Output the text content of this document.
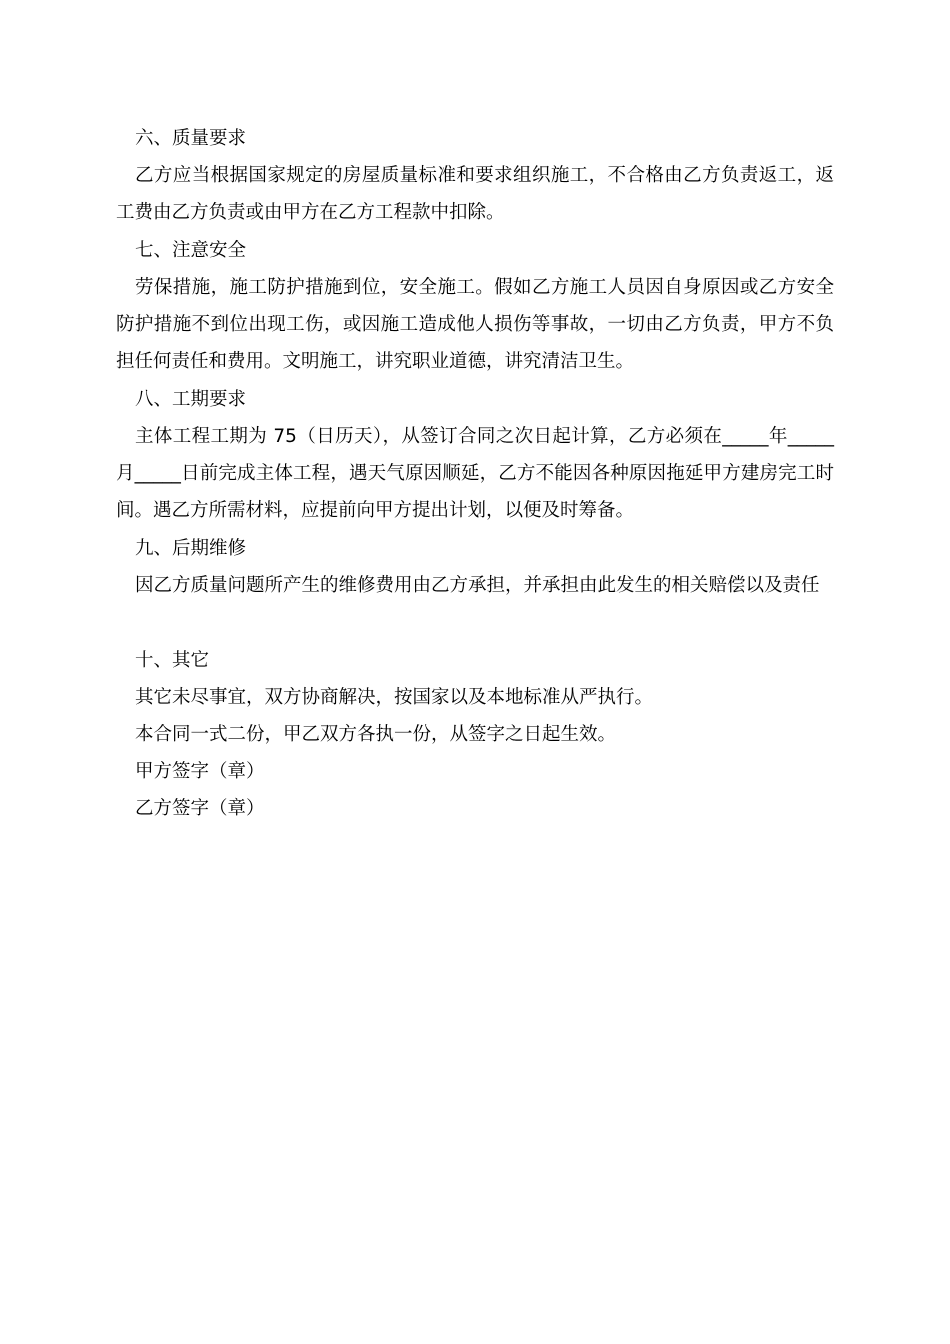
六、质量要求

乙方应当根据国家规定的房屋质量标准和要求组织施工，不合格由乙方负责返工，返工费由乙方负责或由甲方在乙方工程款中扣除。

七、注意安全

劳保措施，施工防护措施到位，安全施工。假如乙方施工人员因自身原因或乙方安全防护措施不到位出现工伤，或因施工造成他人损伤等事故，一切由乙方负责，甲方不负担任何责任和费用。文明施工，讲究职业道德，讲究清洁卫生。

八、工期要求

主体工程工期为 75（日历天），从签订合同之次日起计算，乙方必须在_____年_____月_____日前完成主体工程，遇天气原因顺延，乙方不能因各种原因拖延甲方建房完工时间。遇乙方所需材料，应提前向甲方提出计划，以便及时筹备。

九、后期维修

因乙方质量问题所产生的维修费用由乙方承担，并承担由此发生的相关赔偿以及责任

十、其它

其它未尽事宜，双方协商解决，按国家以及本地标准从严执行。

本合同一式二份，甲乙双方各执一份，从签字之日起生效。

甲方签字（章）

乙方签字（章）
